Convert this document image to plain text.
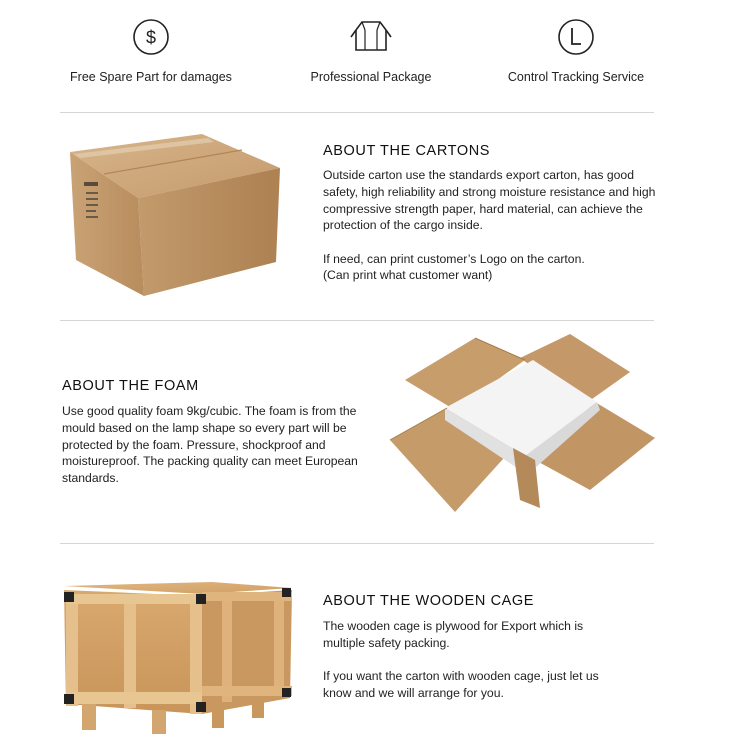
$
Free Spare Part for damages	Professional Package	Control Tracking Service
ABOUT THE CARTONS

Outside carton use the standards export carton, has good safety, high reliability and strong moisture resistance and high compressive strength paper, hard material, can achieve the protection of the cargo inside.

If need, can print customer’s Logo on the carton.

(Can print what customer want)

ABOUT THE FOAM

Use good quality foam 9kg/cubic. The foam is from the mould based on the lamp shape so every part will be protected by the foam. Pressure, shockproof and moistureproof. The packing quality can meet European standards.

ABOUT THE WOODEN CAGE

The wooden cage is plywood for Export which is multiple safety packing.

If you want the carton with wooden cage, just let us know and we will arrange for you.
